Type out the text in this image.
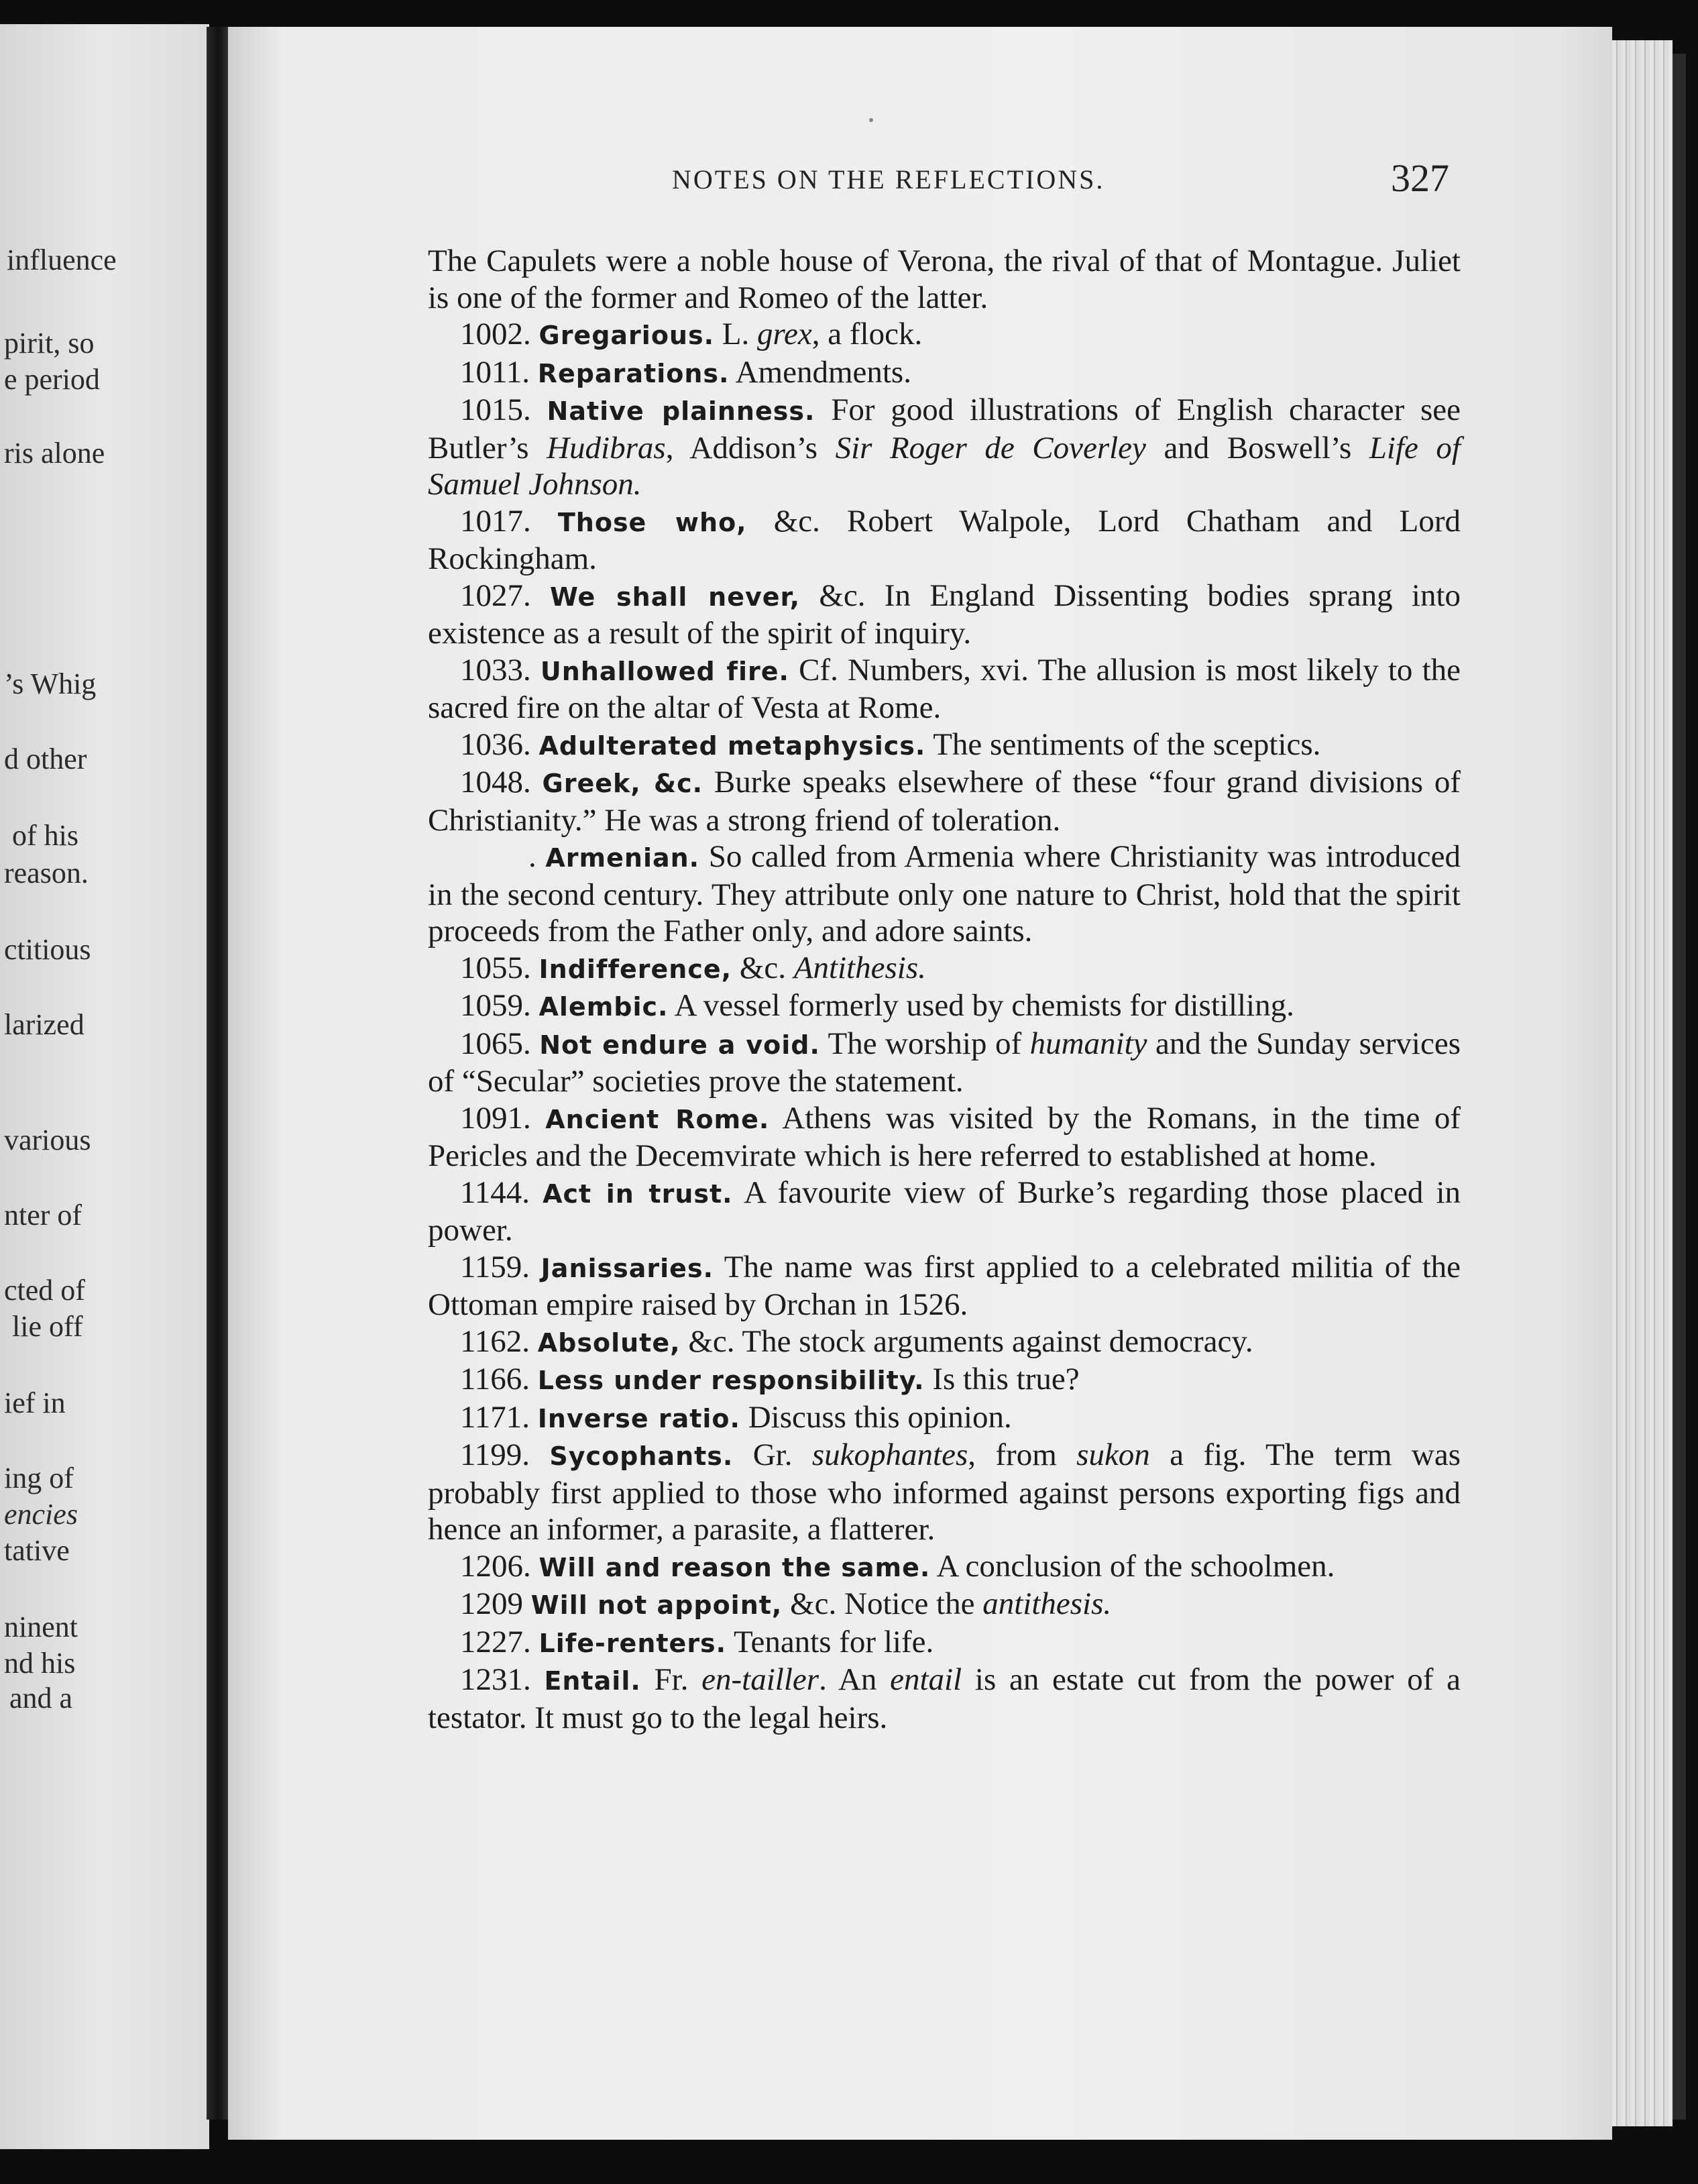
influence
pirit, so
e period
ris alone
’s Whig
d other
of his
reason.
ctitious
larized
various
nter of
cted of
lie off
ief in
ing of
encies
tative
ninent
nd his
and a
NOTES ON THE REFLECTIONS.	327

The Capulets were a noble house of Verona, the rival of that of Montague. Juliet is one of the former and Romeo of the latter.

1002. Gregarious. L. grex, a flock.

1011. Reparations. Amendments.

1015. Native plainness. For good illustrations of English character see Butler’s Hudibras, Addison’s Sir Roger de Coverley and Boswell’s Life of Samuel Johnson.

1017. Those who, &c. Robert Walpole, Lord Chatham and Lord Rockingham.

1027. We shall never, &c. In England Dissenting bodies sprang into existence as a result of the spirit of inquiry.

1033. Unhallowed fire. Cf. Numbers, xvi. The allusion is most likely to the sacred fire on the altar of Vesta at Rome.

1036. Adulterated metaphysics. The sentiments of the sceptics.

1048. Greek, &c. Burke speaks elsewhere of these “four grand divisions of Christianity.” He was a strong friend of toleration.

. Armenian. So called from Armenia where Christianity was introduced in the second century. They attribute only one nature to Christ, hold that the spirit proceeds from the Father only, and adore saints.

1055. Indifference, &c. Antithesis.

1059. Alembic. A vessel formerly used by chemists for distilling.

1065. Not endure a void. The worship of humanity and the Sunday services of “Secular” societies prove the statement.

1091. Ancient Rome. Athens was visited by the Romans, in the time of Pericles and the Decemvirate which is here referred to established at home.

1144. Act in trust. A favourite view of Burke’s regarding those placed in power.

1159. Janissaries. The name was first applied to a celebrated militia of the Ottoman empire raised by Orchan in 1526.

1162. Absolute, &c. The stock arguments against democracy.

1166. Less under responsibility. Is this true?

1171. Inverse ratio. Discuss this opinion.

1199. Sycophants. Gr. sukophantes, from sukon a fig. The term was probably first applied to those who informed against persons exporting figs and hence an informer, a parasite, a flatterer.

1206. Will and reason the same. A conclusion of the schoolmen.

1209 Will not appoint, &c. Notice the antithesis.

1227. Life-renters. Tenants for life.

1231. Entail. Fr. en-tailler. An entail is an estate cut from the power of a testator. It must go to the legal heirs.
